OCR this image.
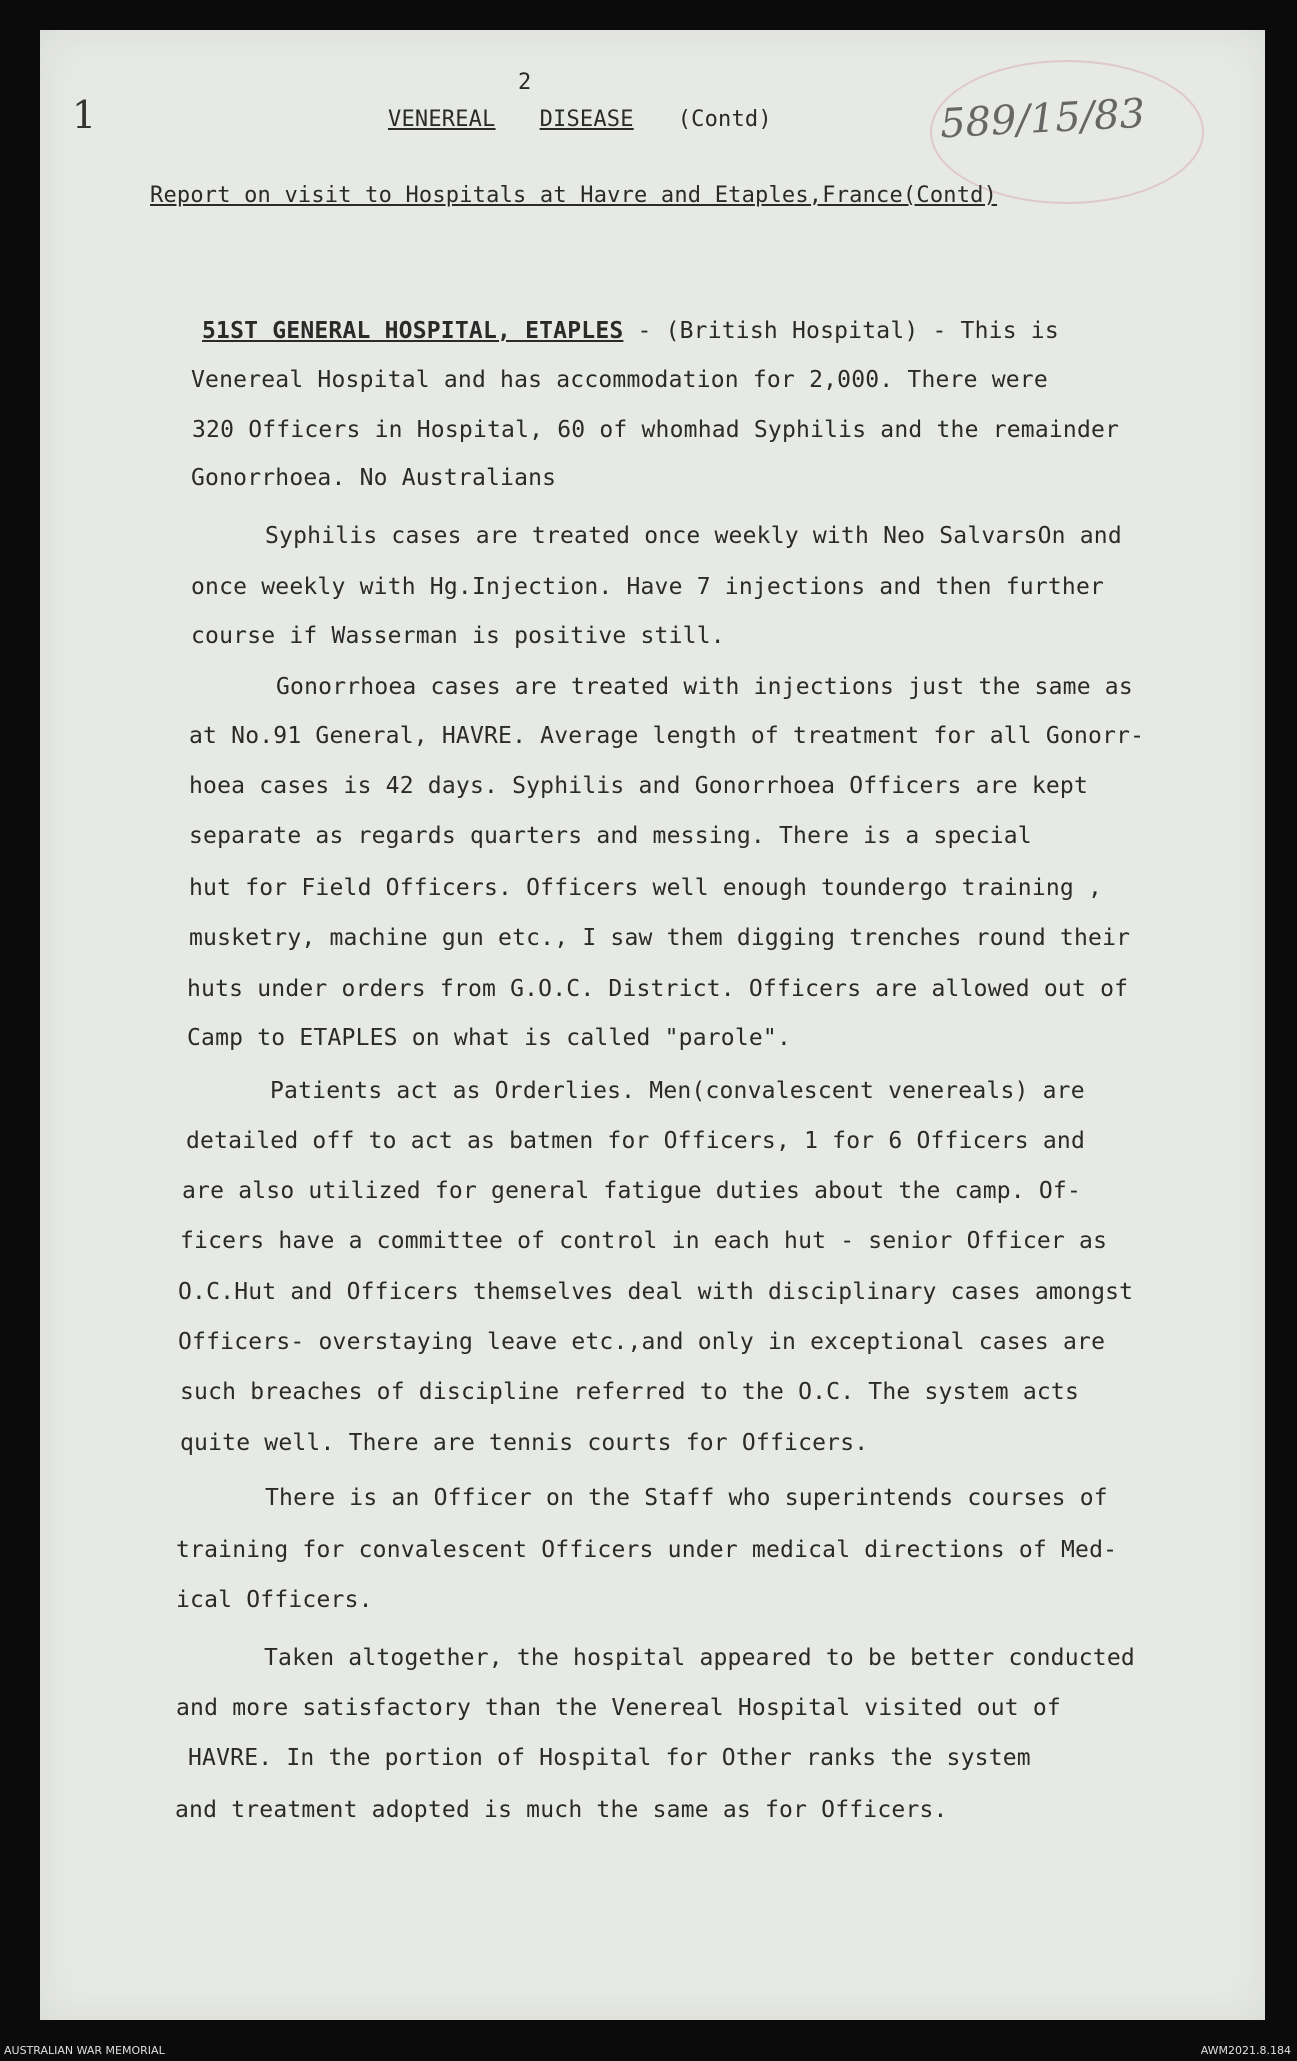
589/15/83
1
2
VENEREAL DISEASE (Contd)
Report on visit to Hospitals at Havre and Etaples,France(Contd)
51ST GENERAL HOSPITAL, ETAPLES - (British Hospital) - This is
Venereal Hospital and has accommodation for 2,000. There were
320 Officers in Hospital, 60 of whomhad Syphilis and the remainder
Gonorrhoea. No Australians
Syphilis cases are treated once weekly with Neo SalvarsOn and
once weekly with Hg.Injection. Have 7 injections and then further
course if Wasserman is positive still.
Gonorrhoea cases are treated with injections just the same as
at No.91 General, HAVRE. Average length of treatment for all Gonorr-
hoea cases is 42 days. Syphilis and Gonorrhoea Officers are kept
separate as regards quarters and messing. There is a special
hut for Field Officers. Officers well enough toundergo training ,
musketry, machine gun etc., I saw them digging trenches round their
huts under orders from G.O.C. District. Officers are allowed out of
Camp to ETAPLES on what is called "parole".
Patients act as Orderlies. Men(convalescent venereals) are
detailed off to act as batmen for Officers, 1 for 6 Officers and
are also utilized for general fatigue duties about the camp. Of-
ficers have a committee of control in each hut - senior Officer as
O.C.Hut and Officers themselves deal with disciplinary cases amongst
Officers- overstaying leave etc.,and only in exceptional cases are
such breaches of discipline referred to the O.C. The system acts
quite well. There are tennis courts for Officers.
There is an Officer on the Staff who superintends courses of
training for convalescent Officers under medical directions of Med-
ical Officers.
Taken altogether, the hospital appeared to be better conducted
and more satisfactory than the Venereal Hospital visited out of
HAVRE. In the portion of Hospital for Other ranks the system
and treatment adopted is much the same as for Officers.
AUSTRALIAN WAR MEMORIAL	AWM2021.8.184
